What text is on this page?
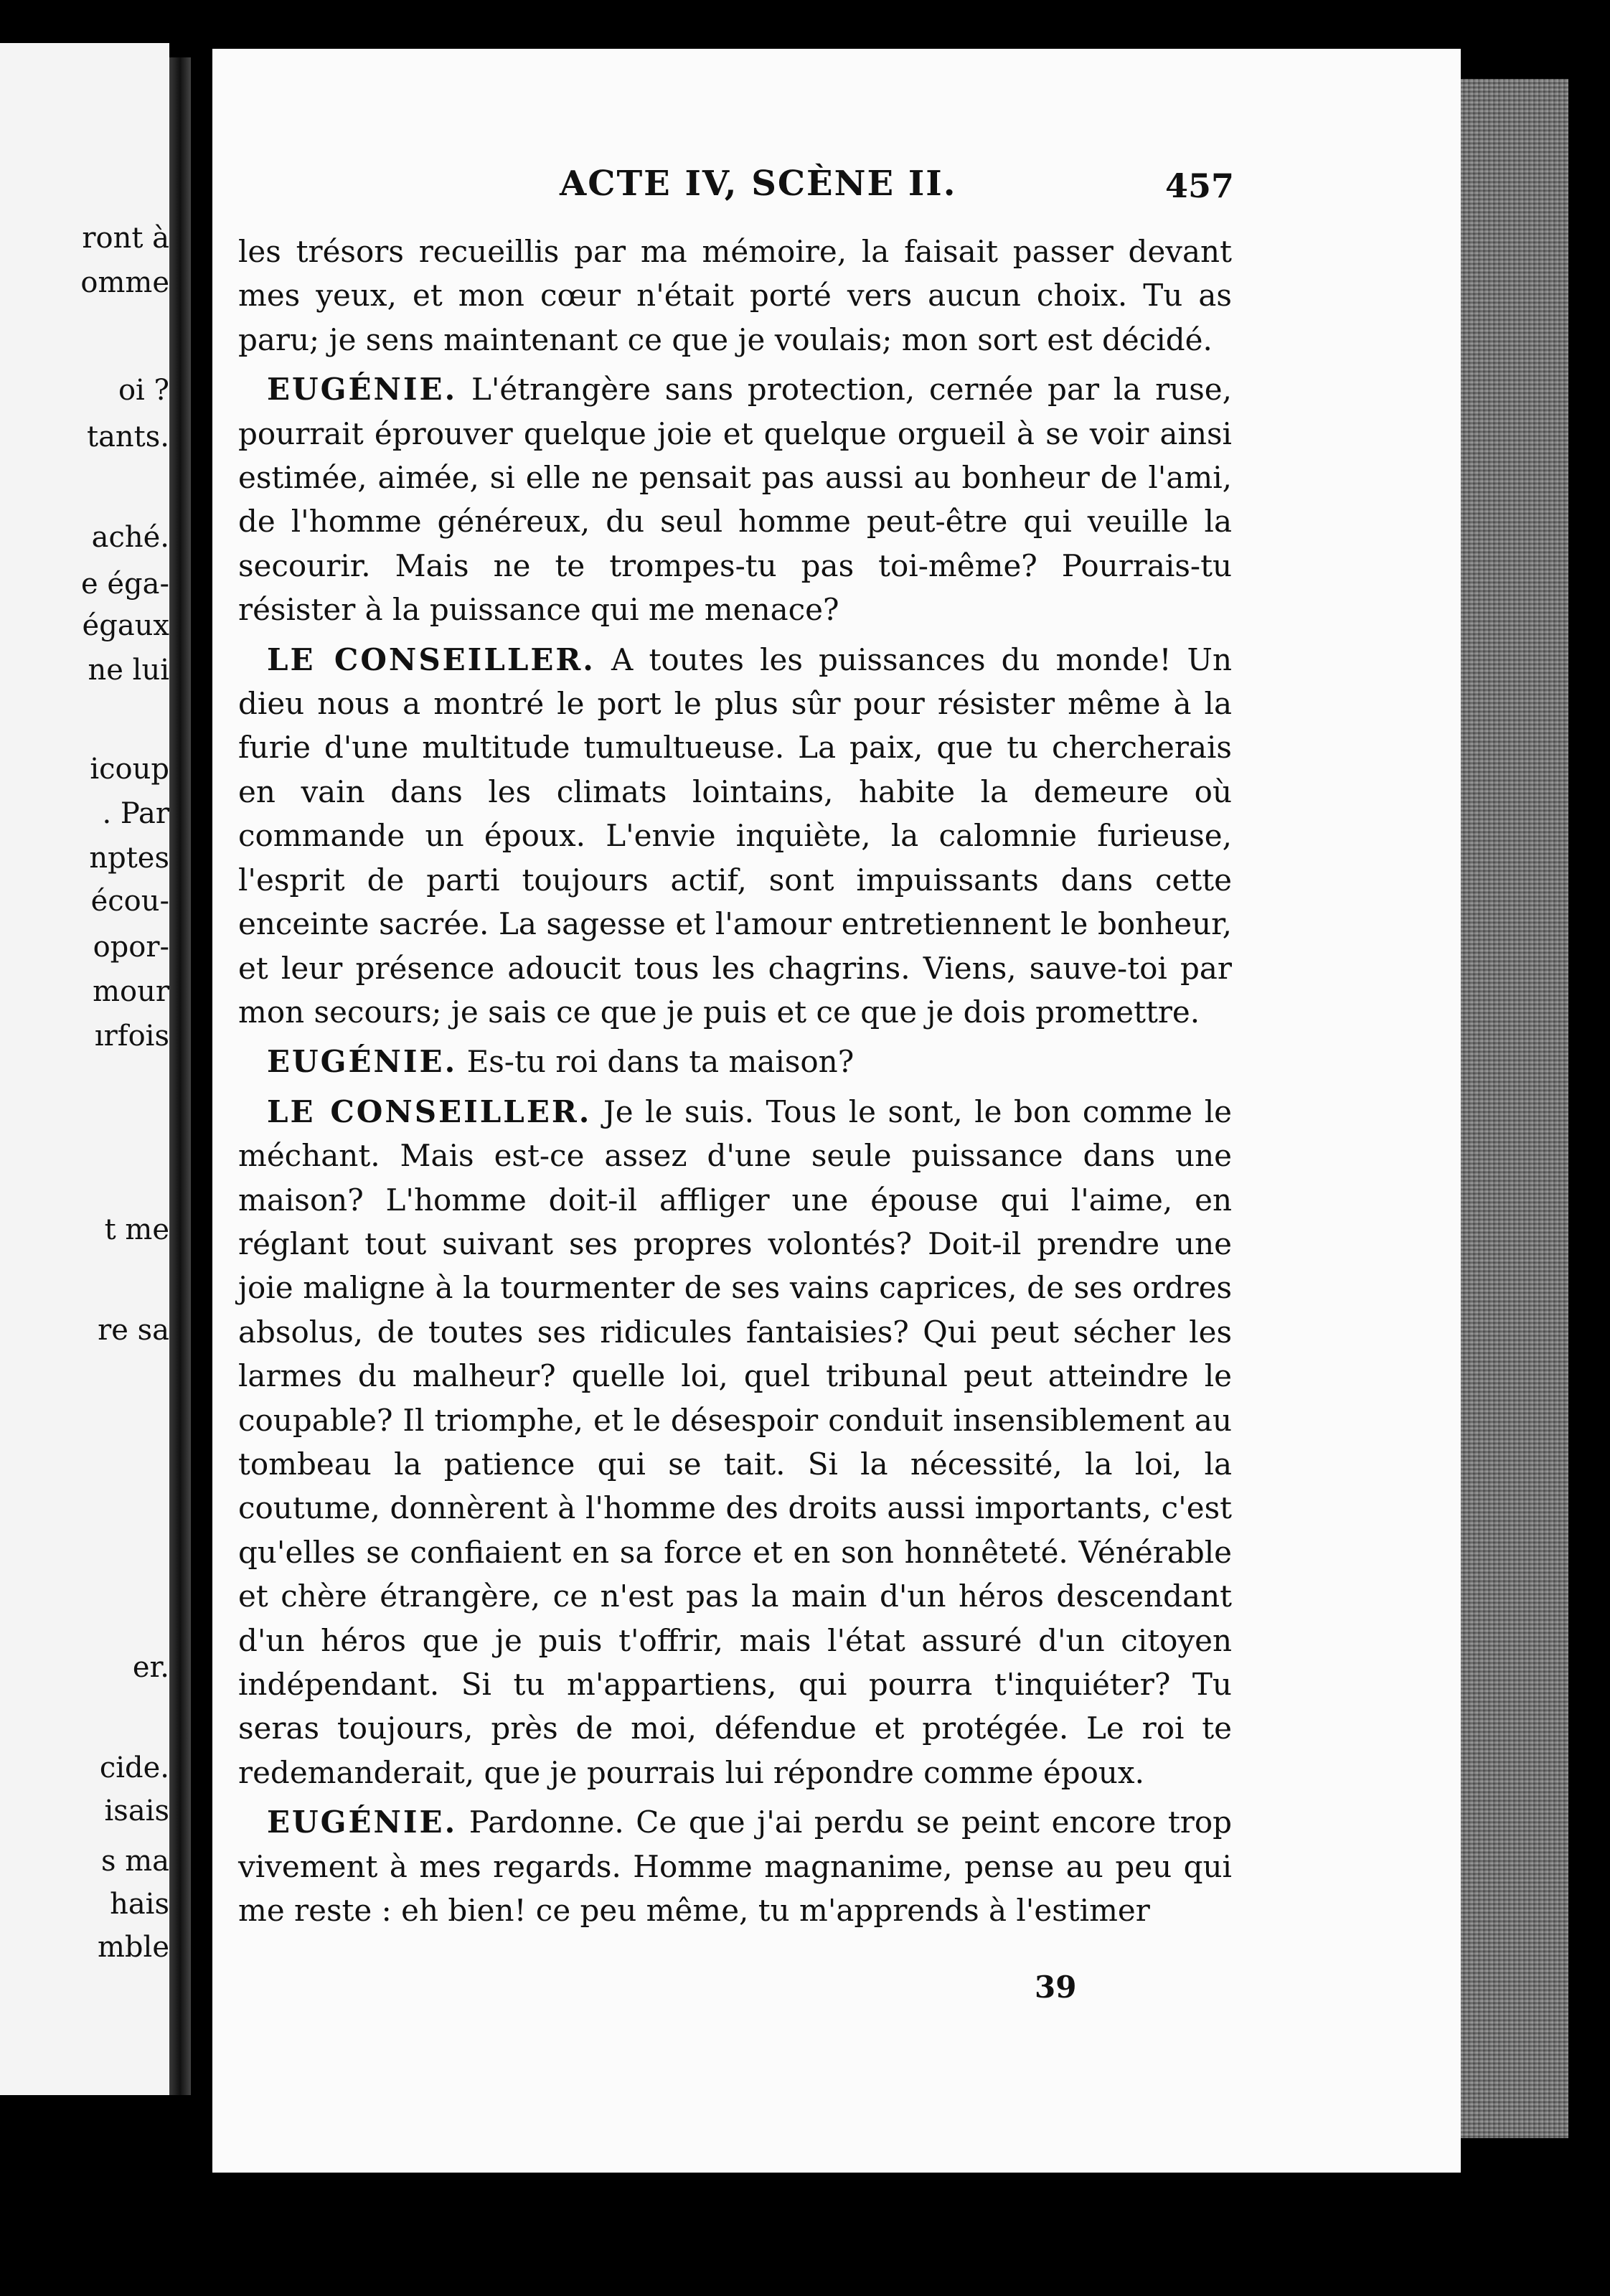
ront à
omme
oi ?
tants.
aché.
e éga-
égaux
ne lui
icoup
. Par
nptes
écou-
opor-
mour
ırfois
t me
re sa
er.
cide.
isais
s ma
hais
mble
ACTE IV, SCÈNE II.	457

les trésors recueillis par ma mémoire, la faisait passer devant mes yeux, et mon cœur n'était porté vers aucun choix. Tu as paru; je sens maintenant ce que je voulais; mon sort est décidé.

EUGÉNIE. L'étrangère sans protection, cernée par la ruse, pourrait éprouver quelque joie et quelque orgueil à se voir ainsi estimée, aimée, si elle ne pensait pas aussi au bonheur de l'ami, de l'homme généreux, du seul homme peut-être qui veuille la secourir. Mais ne te trompes-tu pas toi-même? Pourrais-tu résister à la puissance qui me menace?

LE CONSEILLER. A toutes les puissances du monde! Un dieu nous a montré le port le plus sûr pour résister même à la furie d'une multitude tumultueuse. La paix, que tu chercherais en vain dans les climats lointains, habite la demeure où commande un époux. L'envie inquiète, la calomnie furieuse, l'esprit de parti toujours actif, sont impuissants dans cette enceinte sacrée. La sagesse et l'amour entretiennent le bonheur, et leur présence adoucit tous les chagrins. Viens, sauve-toi par mon secours; je sais ce que je puis et ce que je dois promettre.

EUGÉNIE. Es-tu roi dans ta maison?

LE CONSEILLER. Je le suis. Tous le sont, le bon comme le méchant. Mais est-ce assez d'une seule puissance dans une maison? L'homme doit-il affliger une épouse qui l'aime, en réglant tout suivant ses propres volontés? Doit-il prendre une joie maligne à la tourmenter de ses vains caprices, de ses ordres absolus, de toutes ses ridicules fantaisies? Qui peut sécher les larmes du malheur? quelle loi, quel tribunal peut atteindre le coupable? Il triomphe, et le désespoir conduit insensiblement au tombeau la patience qui se tait. Si la nécessité, la loi, la coutume, donnèrent à l'homme des droits aussi importants, c'est qu'elles se confiaient en sa force et en son honnêteté. Vénérable et chère étrangère, ce n'est pas la main d'un héros descendant d'un héros que je puis t'offrir, mais l'état assuré d'un citoyen indépendant. Si tu m'appartiens, qui pourra t'inquiéter? Tu seras toujours, près de moi, défendue et protégée. Le roi te redemanderait, que je pourrais lui répondre comme époux.

EUGÉNIE. Pardonne. Ce que j'ai perdu se peint encore trop vivement à mes regards. Homme magnanime, pense au peu qui me reste : eh bien! ce peu même, tu m'apprends à l'estimer

39
